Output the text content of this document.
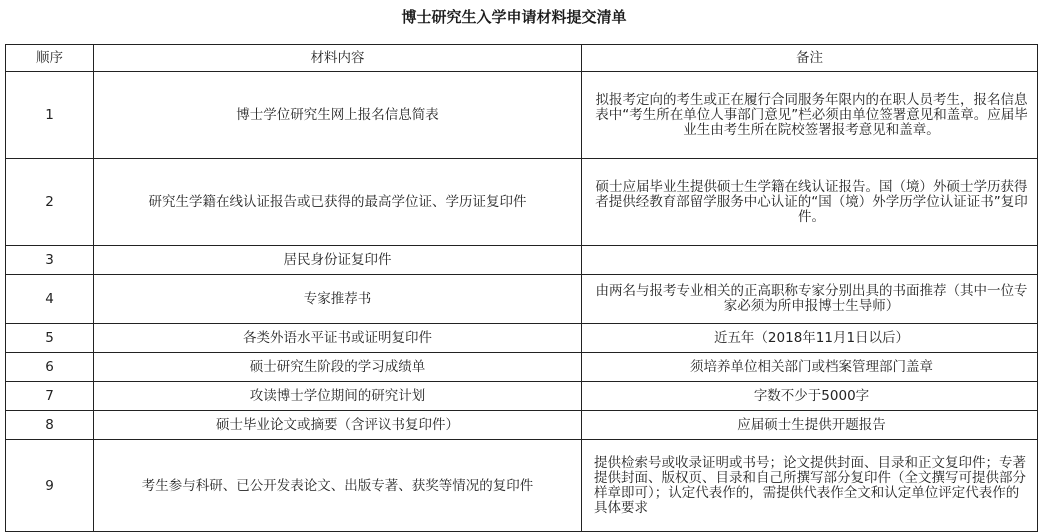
博士研究生入学申请材料提交清单
顺序	材料内容	备注
1	博士学位研究生网上报名信息简表	拟报考定向的考生或正在履行合同服务年限内的在职人员考生，报名信息表中“考生所在单位人事部门意见”栏必须由单位签署意见和盖章。应届毕业生由考生所在院校签署报考意见和盖章。
2	研究生学籍在线认证报告或已获得的最高学位证、学历证复印件	硕士应届毕业生提供硕士生学籍在线认证报告。国（境）外硕士学历获得者提供经教育部留学服务中心认证的“国（境）外学历学位认证证书”复印件。
3	居民身份证复印件	
4	专家推荐书	由两名与报考专业相关的正高职称专家分别出具的书面推荐（其中一位专家必须为所申报博士生导师）
5	各类外语水平证书或证明复印件	近五年（2018年11月1日以后）
6	硕士研究生阶段的学习成绩单	须培养单位相关部门或档案管理部门盖章
7	攻读博士学位期间的研究计划	字数不少于5000字
8	硕士毕业论文或摘要（含评议书复印件）	应届硕士生提供开题报告
9	考生参与科研、已公开发表论文、出版专著、获奖等情况的复印件	提供检索号或收录证明或书号；论文提供封面、目录和正文复印件；专著提供封面、版权页、目录和自己所撰写部分复印件（全文撰写可提供部分样章即可）；认定代表作的，需提供代表作全文和认定单位评定代表作的具体要求
